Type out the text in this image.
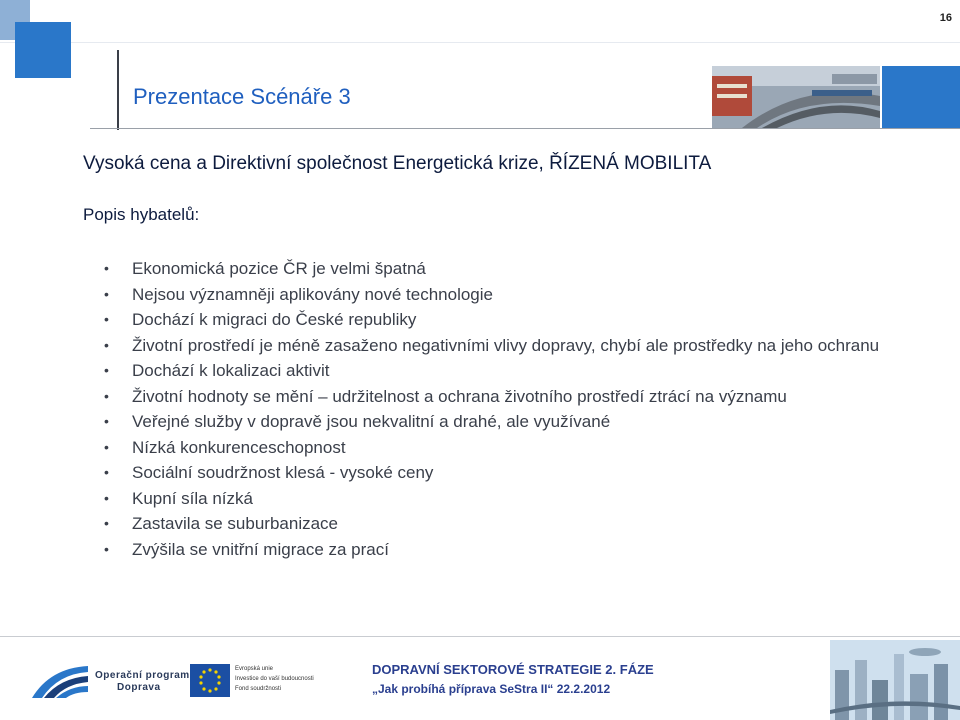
16
Prezentace Scénáře 3
Vysoká cena a Direktivní společnost Energetická krize, ŘÍZENÁ MOBILITA
Popis hybatelů:
• Ekonomická pozice ČR je velmi špatná
• Nejsou významněji aplikovány nové technologie
• Dochází k migraci do České republiky
• Životní prostředí je méně zasaženo negativními vlivy dopravy, chybí ale prostředky na jeho ochranu
• Dochází k lokalizaci aktivit
• Životní hodnoty se mění – udržitelnost a ochrana životního prostředí ztrácí na významu
• Veřejné služby v dopravě jsou nekvalitní a drahé, ale využívané
• Nízká konkurenceschopnost
• Sociální soudržnost klesá - vysoké ceny
• Kupní síla nízká
• Zastavila se suburbanizace
• Zvýšila se vnitřní migrace za prací
Operační program
Doprava
Evropská unie
Investice do vaší budoucnosti
Fond soudržnosti
DOPRAVNÍ SEKTOROVÉ STRATEGIE 2. FÁZE
„Jak probíhá příprava SeStra II“ 22.2.2012
